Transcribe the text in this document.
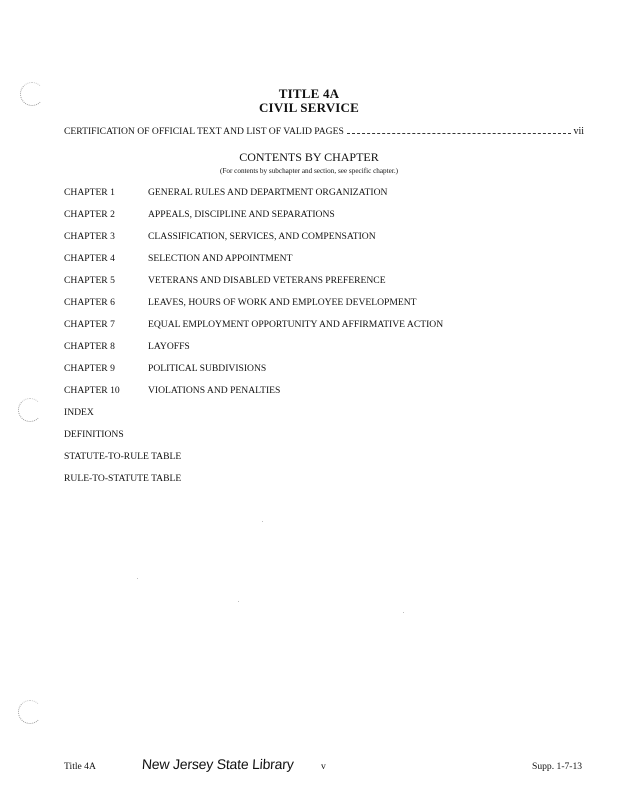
TITLE 4A
CIVIL SERVICE
CERTIFICATION OF OFFICIAL TEXT AND LIST OF VALID PAGES	vii
CONTENTS BY CHAPTER
(For contents by subchapter and section, see specific chapter.)
CHAPTER 1	GENERAL RULES AND DEPARTMENT ORGANIZATION
CHAPTER 2	APPEALS, DISCIPLINE AND SEPARATIONS
CHAPTER 3	CLASSIFICATION, SERVICES, AND COMPENSATION
CHAPTER 4	SELECTION AND APPOINTMENT
CHAPTER 5	VETERANS AND DISABLED VETERANS PREFERENCE
CHAPTER 6	LEAVES, HOURS OF WORK AND EMPLOYEE DEVELOPMENT
CHAPTER 7	EQUAL EMPLOYMENT OPPORTUNITY AND AFFIRMATIVE ACTION
CHAPTER 8	LAYOFFS
CHAPTER 9	POLITICAL SUBDIVISIONS
CHAPTER 10	VIOLATIONS AND PENALTIES
INDEX
DEFINITIONS
STATUTE-TO-RULE TABLE
RULE-TO-STATUTE TABLE
Title 4A	New Jersey State Library	v	Supp. 1-7-13
